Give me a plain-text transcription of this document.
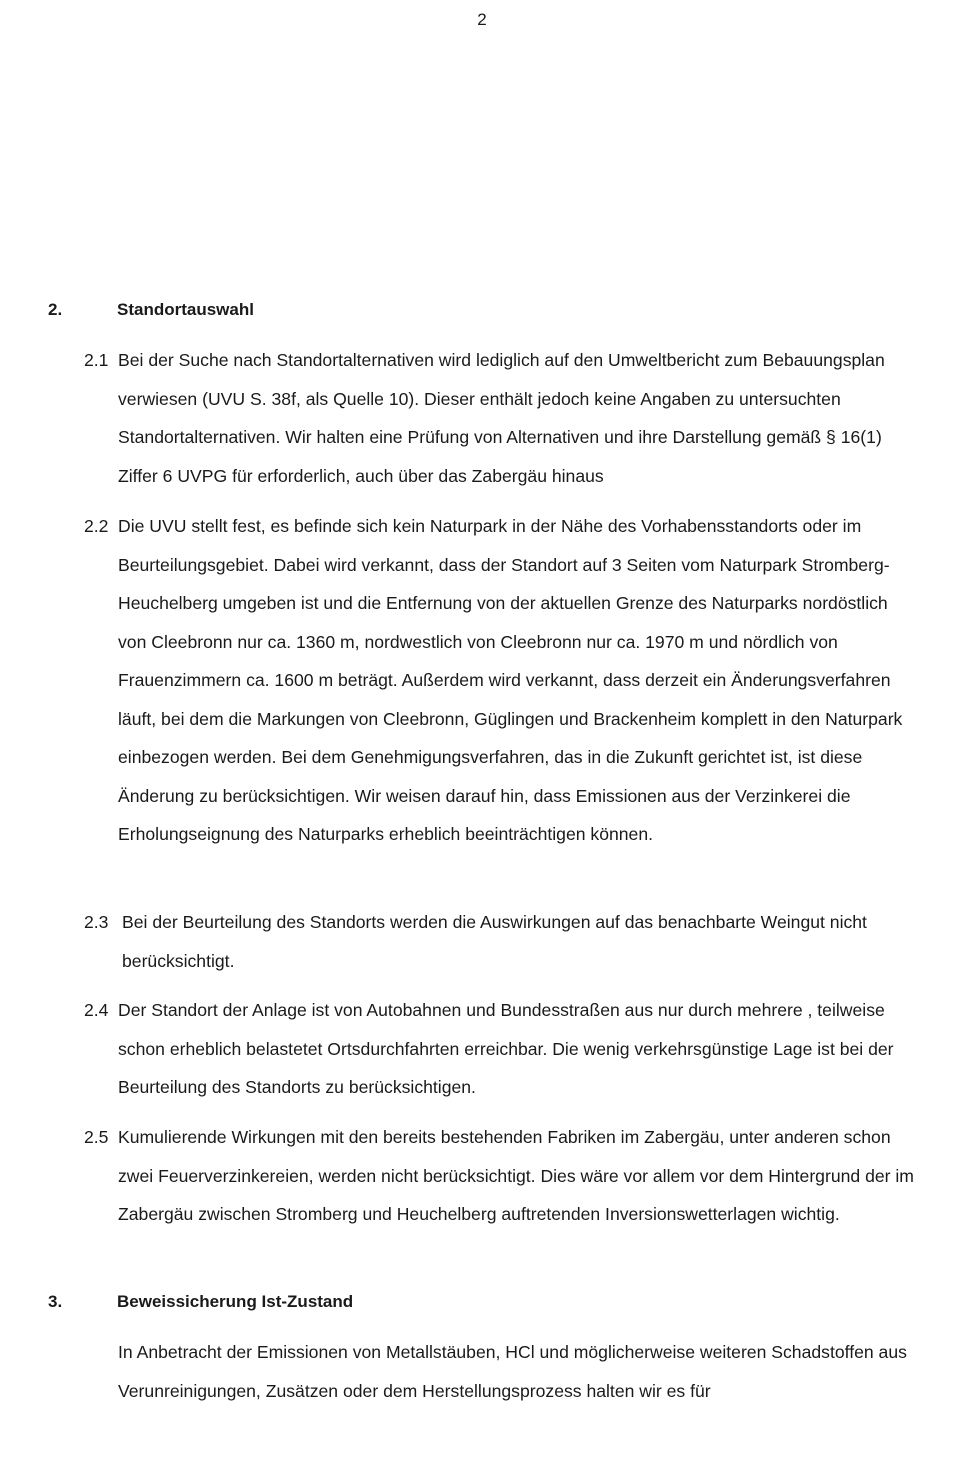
2
2.	Standortauswahl
2.1 Bei der Suche nach Standortalternativen wird lediglich auf den Umweltbericht zum Bebauungsplan verwiesen (UVU S. 38f, als Quelle 10). Dieser enthält jedoch keine Angaben zu untersuchten Standortalternativen. Wir halten eine Prüfung von Alternativen und ihre Darstellung gemäß § 16(1) Ziffer 6 UVPG für erforderlich, auch über das Zabergäu hinaus
2.2 Die UVU stellt fest, es befinde sich kein Naturpark in der Nähe des Vorhabensstandorts oder im Beurteilungsgebiet. Dabei wird verkannt, dass der Standort auf 3 Seiten vom Naturpark Stromberg-Heuchelberg umgeben ist und die Entfernung von der aktuellen Grenze des Naturparks nordöstlich von Cleebronn nur ca. 1360 m, nordwestlich von Cleebronn nur ca. 1970 m und nördlich von Frauenzimmern ca. 1600 m beträgt. Außerdem wird verkannt, dass derzeit ein Änderungsverfahren läuft, bei dem die Markungen von Cleebronn, Güglingen und Brackenheim komplett in den Naturpark einbezogen werden. Bei dem Genehmigungsverfahren, das in die Zukunft gerichtet ist, ist diese Änderung zu berücksichtigen. Wir weisen darauf hin, dass Emissionen aus der Verzinkerei die Erholungseignung des Naturparks erheblich beeinträchtigen können.
2.3 Bei der Beurteilung des Standorts werden die Auswirkungen auf das benachbarte Weingut nicht berücksichtigt.
2.4 Der Standort der Anlage ist von Autobahnen und Bundesstraßen aus nur durch mehrere , teilweise schon erheblich belastetet Ortsdurchfahrten erreichbar. Die wenig verkehrsgünstige Lage ist bei der Beurteilung des Standorts zu berücksichtigen.
2.5 Kumulierende Wirkungen mit den bereits bestehenden Fabriken im Zabergäu, unter anderen schon zwei Feuerverzinkereien, werden nicht berücksichtigt. Dies wäre vor allem vor dem Hintergrund der im Zabergäu zwischen Stromberg und Heuchelberg auftretenden Inversionswetterlagen wichtig.
3.	Beweissicherung Ist-Zustand
In Anbetracht der Emissionen von Metallstäuben, HCl und möglicherweise weiteren Schadstoffen aus Verunreinigungen, Zusätzen oder dem Herstellungsprozess halten wir es für
